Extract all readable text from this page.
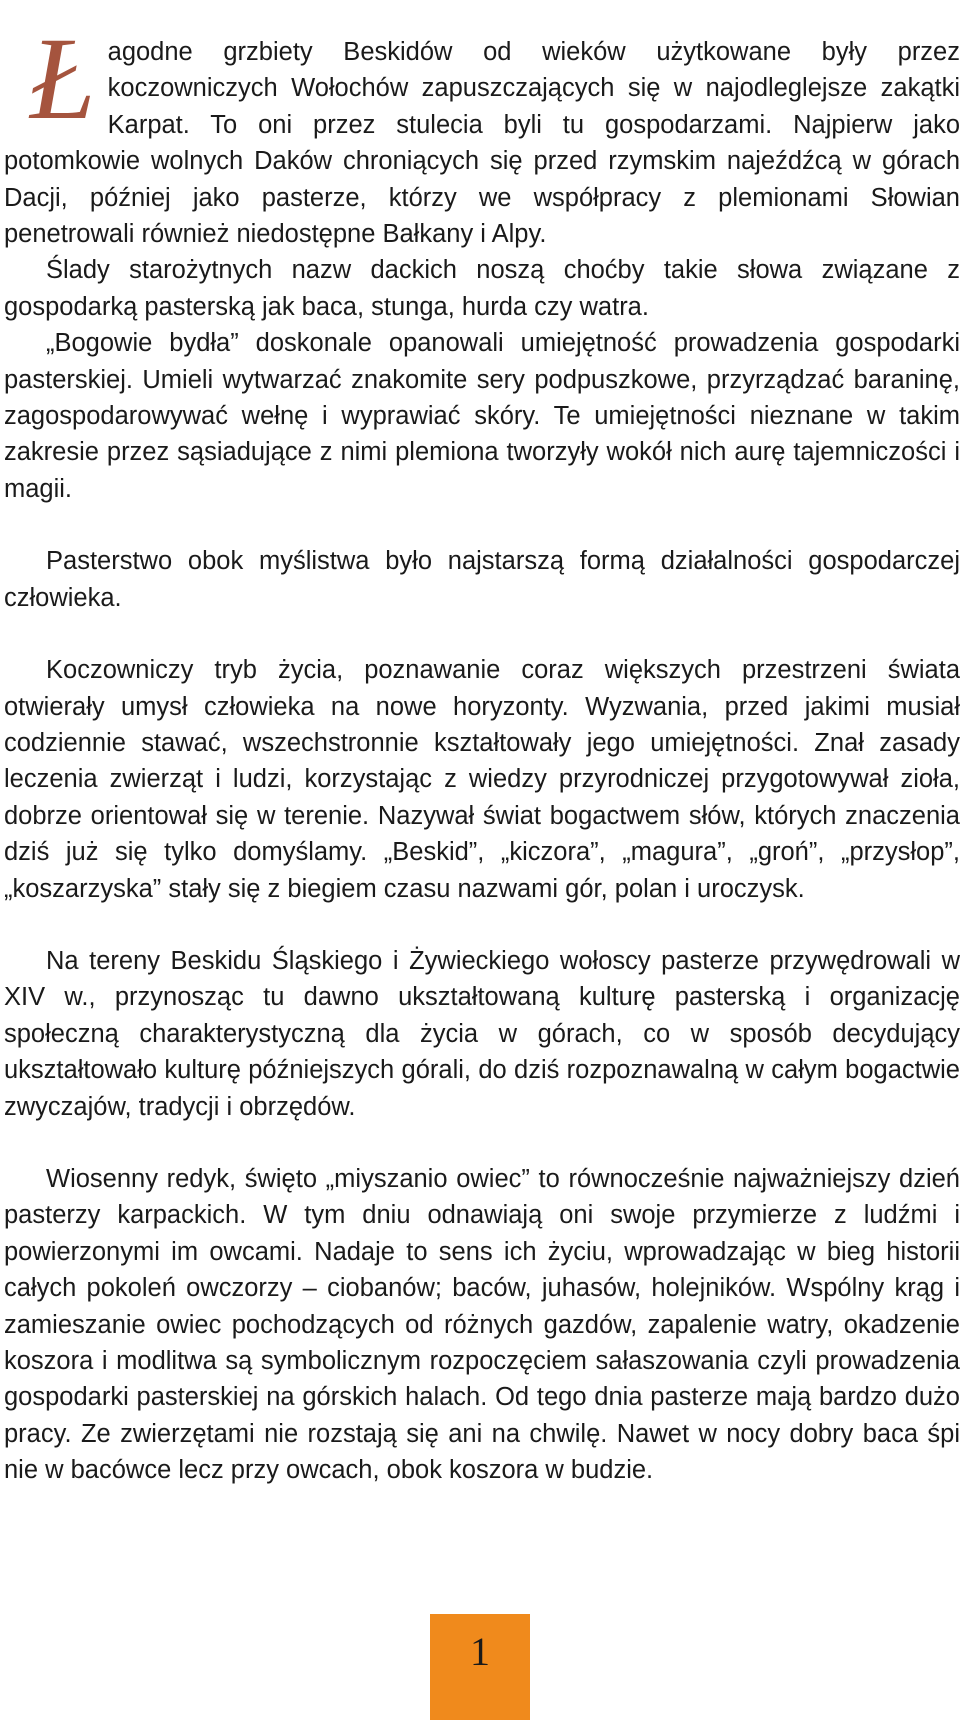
Łagodne grzbiety Beskidów od wieków użytkowane były przez koczowniczych Wołochów zapuszczających się w najodleglejsze zakątki Karpat. To oni przez stulecia byli tu gospodarzami. Najpierw jako potomkowie wolnych Daków chroniących się przed rzymskim najeźdźcą w górach Dacji, później jako pasterze, którzy we współpracy z plemionami Słowian penetrowali również niedostępne Bałkany i Alpy.

Ślady starożytnych nazw dackich noszą choćby takie słowa związane z gospodarką pasterską jak baca, stunga, hurda czy watra.

„Bogowie bydła” doskonale opanowali umiejętność prowadzenia gospodarki pasterskiej. Umieli wytwarzać znakomite sery podpuszkowe, przyrządzać baraninę, zagospodarowywać wełnę i wyprawiać skóry. Te umiejętności nieznane w takim zakresie przez sąsiadujące z nimi plemiona tworzyły wokół nich aurę tajemniczości i magii.

Pasterstwo obok myślistwa było najstarszą formą działalności gospodarczej człowieka.

Koczowniczy tryb życia, poznawanie coraz większych przestrzeni świata otwierały umysł człowieka na nowe horyzonty. Wyzwania, przed jakimi musiał codziennie stawać, wszechstronnie kształtowały jego umiejętności. Znał zasady leczenia zwierząt i ludzi, korzystając z wiedzy przyrodniczej przygotowywał zioła, dobrze orientował się w terenie. Nazywał świat bogactwem słów, których znaczenia dziś już się tylko domyślamy. „Beskid”, „kiczora”, „magura”, „groń”, „przysłop”, „koszarzyska” stały się z biegiem czasu nazwami gór, polan i uroczysk.

Na tereny Beskidu Śląskiego i Żywieckiego wołoscy pasterze przywędrowali w XIV w., przynosząc tu dawno ukształtowaną kulturę pasterską i organizację społeczną charakterystyczną dla życia w górach, co w sposób decydujący ukształtowało kulturę późniejszych górali, do dziś rozpoznawalną w całym bogactwie zwyczajów, tradycji i obrzędów.

Wiosenny redyk, święto „miyszanio owiec” to równocześnie najważniejszy dzień pasterzy karpackich. W tym dniu odnawiają oni swoje przymierze z ludźmi i powierzonymi im owcami. Nadaje to sens ich życiu, wprowadzając w bieg historii całych pokoleń owczorzy – ciobanów; baców, juhasów, holejników. Wspólny krąg i zamieszanie owiec pochodzących od różnych gazdów, zapalenie watry, okadzenie koszora i modlitwa są symbolicznym rozpoczęciem sałaszowania czyli prowadzenia gospodarki pasterskiej na górskich halach. Od tego dnia pasterze mają bardzo dużo pracy. Ze zwierzętami nie rozstają się ani na chwilę. Nawet w nocy dobry baca śpi nie w bacówce lecz przy owcach, obok koszora w budzie.

1
